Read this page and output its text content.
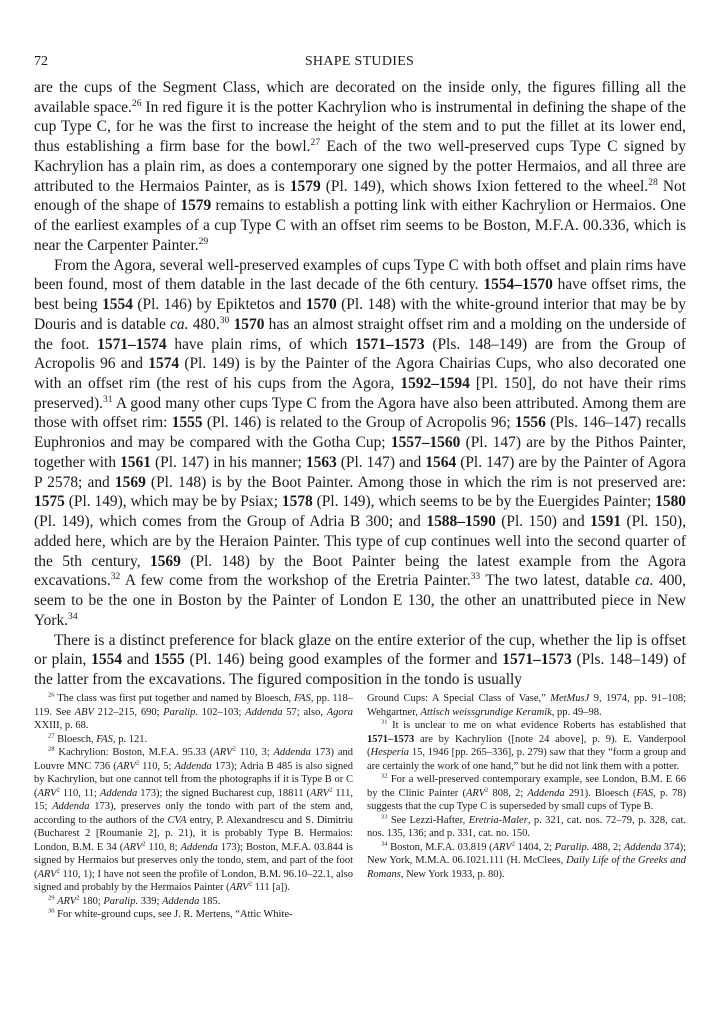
72	SHAPE STUDIES

are the cups of the Segment Class, which are decorated on the inside only, the figures filling all the available space.$^{26}$ In red figure it is the potter Kachrylion who is instrumental in defining the shape of the cup Type C, for he was the first to increase the height of the stem and to put the fillet at its lower end, thus establishing a firm base for the bowl.$^{27}$ Each of the two well-preserved cups Type C signed by Kachrylion has a plain rim, as does a contemporary one signed by the potter Hermaios, and all three are attributed to the Hermaios Painter, as is 1579 (Pl. 149), which shows Ixion fettered to the wheel.$^{28}$ Not enough of the shape of 1579 remains to establish a potting link with either Kachrylion or Hermaios. One of the earliest examples of a cup Type C with an offset rim seems to be Boston, M.F.A. 00.336, which is near the Carpenter Painter.$^{29}$

From the Agora, several well-preserved examples of cups Type C with both offset and plain rims have been found, most of them datable in the last decade of the 6th century. 1554–1570 have offset rims, the best being 1554 (Pl. 146) by Epiktetos and 1570 (Pl. 148) with the white-ground interior that may be by Douris and is datable ca. 480.30 1570 has an almost straight offset rim and a molding on the underside of the foot. 1571–1574 have plain rims, of which 1571–1573 (Pls. 148–149) are from the Group of Acropolis 96 and 1574 (Pl. 149) is by the Painter of the Agora Chairias Cups, who also decorated one with an offset rim (the rest of his cups from the Agora, 1592–1594 [Pl. 150], do not have their rims preserved).$^{31}$ A good many other cups Type C from the Agora have also been attributed. Among them are those with offset rim: 1555 (Pl. 146) is related to the Group of Acropolis 96; 1556 (Pls. 146–147) recalls Euphronios and may be compared with the Gotha Cup; 1557–1560 (Pl. 147) are by the Pithos Painter, together with 1561 (Pl. 147) in his manner; 1563 (Pl. 147) and 1564 (Pl. 147) are by the Painter of Agora P 2578; and 1569 (Pl. 148) is by the Boot Painter. Among those in which the rim is not preserved are: 1575 (Pl. 149), which may be by Psiax; 1578 (Pl. 149), which seems to be by the Euergides Painter; 1580 (Pl. 149), which comes from the Group of Adria B 300; and 1588–1590 (Pl. 150) and 1591 (Pl. 150), added here, which are by the Heraion Painter. This type of cup continues well into the second quarter of the 5th century, 1569 (Pl. 148) by the Boot Painter being the latest example from the Agora excavations.$^{32}$ A few come from the workshop of the Eretria Painter.$^{33}$ The two latest, datable ca. 400, seem to be the one in Boston by the Painter of London E 130, the other an unattributed piece in New York.$^{34}$

There is a distinct preference for black glaze on the entire exterior of the cup, whether the lip is offset or plain, 1554 and 1555 (Pl. 146) being good examples of the former and 1571–1573 (Pls. 148–149) of the latter from the excavations. The figured composition in the tondo is usually

$^{26}$ The class was first put together and named by Bloesch, FAS, pp. 118–119. See ABV 212–215, 690; Paralip. 102–103; Addenda 57; also, Agora XXIII, p. 68.

$^{27}$ Bloesch, FAS, p. 121.

$^{28}$ Kachrylion: Boston, M.F.A. 95.33 (ARV$^2$ 110, 3; Addenda 173) and Louvre MNC 736 (ARV$^2$ 110, 5; Addenda 173); Adria B 485 is also signed by Kachrylion, but one cannot tell from the photographs if it is Type B or C (ARV$^2$ 110, 11; Addenda 173); the signed Bucharest cup, 18811 (ARV$^2$ 111, 15; Addenda 173), preserves only the tondo with part of the stem and, according to the authors of the CVA entry, P. Alexandrescu and S. Dimitriu (Bucharest 2 [Roumanie 2], p. 21), it is probably Type B. Hermaios: London, B.M. E 34 (ARV$^2$ 110, 8; Addenda 173); Boston, M.F.A. 03.844 is signed by Hermaios but preserves only the tondo, stem, and part of the foot (ARV$^2$ 110, 1); I have not seen the profile of London, B.M. 96.10–22.1, also signed and probably by the Hermaios Painter (ARV$^2$ 111 [a]).

$^{29}$ ARV$^2$ 180; Paralip. 339; Addenda 185.

$^{30}$ For white-ground cups, see J. R. Mertens, “Attic White-

Ground Cups: A Special Class of Vase,” MetMusJ 9, 1974, pp. 91–108; Wehgartner, Attisch weissgrundige Keramik, pp. 49–98.

$^{31}$ It is unclear to me on what evidence Roberts has established that 1571–1573 are by Kachrylion ([note 24 above], p. 9). E. Vanderpool (Hesperia 15, 1946 [pp. 265–336], p. 279) saw that they “form a group and are certainly the work of one hand,” but he did not link them with a potter.

$^{32}$ For a well-preserved contemporary example, see London, B.M. E 66 by the Clinic Painter (ARV$^2$ 808, 2; Addenda 291). Bloesch (FAS, p. 78) suggests that the cup Type C is superseded by small cups of Type B.

$^{33}$ See Lezzi-Hafter, Eretria-Maler, p. 321, cat. nos. 72–79, p. 328, cat. nos. 135, 136; and p. 331, cat. no. 150.

$^{34}$ Boston, M.F.A. 03.819 (ARV$^2$ 1404, 2; Paralip. 488, 2; Addenda 374); New York, M.M.A. 06.1021.111 (H. McClees, Daily Life of the Greeks and Romans, New York 1933, p. 80).
